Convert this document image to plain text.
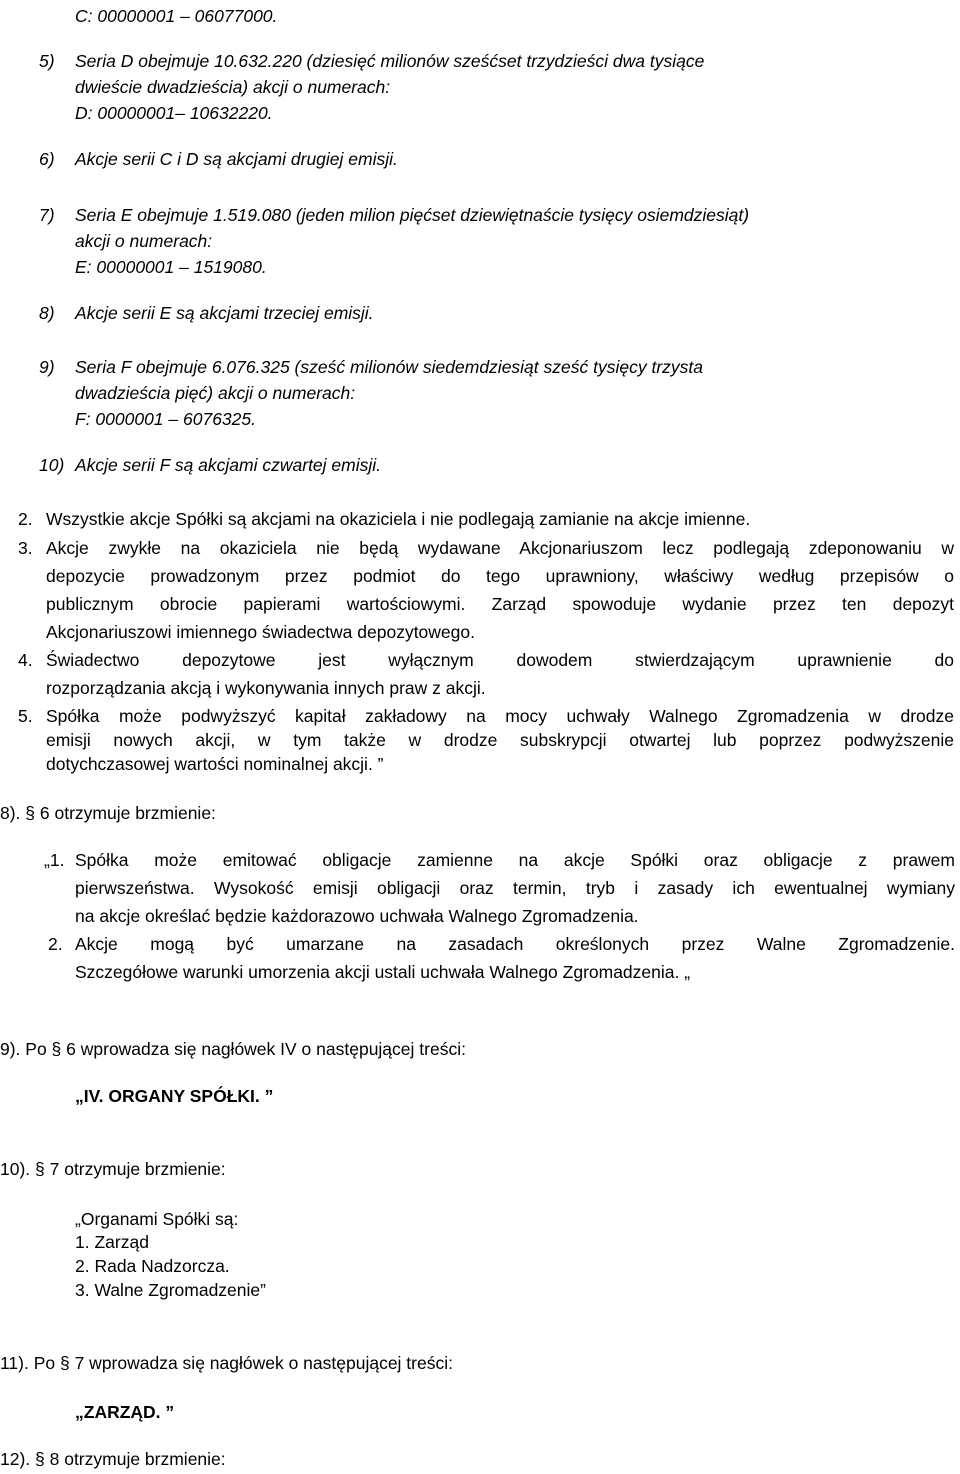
C: 00000001 – 06077000.
5) Seria D obejmuje 10.632.220 (dziesięć milionów sześćset trzydzieści dwa tysiące
dwieście dwadzieścia) akcji o numerach:
D: 00000001– 10632220.
6) Akcje serii C i D są akcjami drugiej emisji.
7) Seria E obejmuje 1.519.080 (jeden milion pięćset dziewiętnaście tysięcy osiemdziesiąt)
akcji o numerach:
E: 00000001 – 1519080.
8) Akcje serii E są akcjami trzeciej emisji.
9) Seria F obejmuje 6.076.325 (sześć milionów siedemdziesiąt sześć tysięcy trzysta
dwadzieścia pięć) akcji o numerach:
F: 0000001 – 6076325.
10) Akcje serii F są akcjami czwartej emisji.
2. Wszystkie akcje Spółki są akcjami na okaziciela i nie podlegają zamianie na akcje imienne.
3. Akcje zwykłe na okaziciela nie będą wydawane Akcjonariuszom lecz podlegają zdeponowaniu w
depozycie prowadzonym przez podmiot do tego uprawniony, właściwy według przepisów o
publicznym obrocie papierami wartościowymi. Zarząd spowoduje wydanie przez ten depozyt
Akcjonariuszowi imiennego świadectwa depozytowego.
4. Świadectwo depozytowe jest wyłącznym dowodem stwierdzającym uprawnienie do
rozporządzania akcją i wykonywania innych praw z akcji.
5. Spółka może podwyższyć kapitał zakładowy na mocy uchwały Walnego Zgromadzenia w drodze
emisji nowych akcji, w tym także w drodze subskrypcji otwartej lub poprzez podwyższenie
dotychczasowej wartości nominalnej akcji. ”
8). § 6 otrzymuje brzmienie:
„1. Spółka może emitować obligacje zamienne na akcje Spółki oraz obligacje z prawem
pierwszeństwa. Wysokość emisji obligacji oraz termin, tryb i zasady ich ewentualnej wymiany
na akcje określać będzie każdorazowo uchwała Walnego Zgromadzenia.
2. Akcje mogą być umarzane na zasadach określonych przez Walne Zgromadzenie.
Szczegółowe warunki umorzenia akcji ustali uchwała Walnego Zgromadzenia. „
9). Po § 6 wprowadza się nagłówek IV o następującej treści:
„IV. ORGANY SPÓŁKI. ”
10). § 7 otrzymuje brzmienie:
„Organami Spółki są:
1. Zarząd
2. Rada Nadzorcza.
3. Walne Zgromadzenie”
11). Po § 7 wprowadza się nagłówek o następującej treści:
„ZARZĄD. ”
12). § 8 otrzymuje brzmienie:
